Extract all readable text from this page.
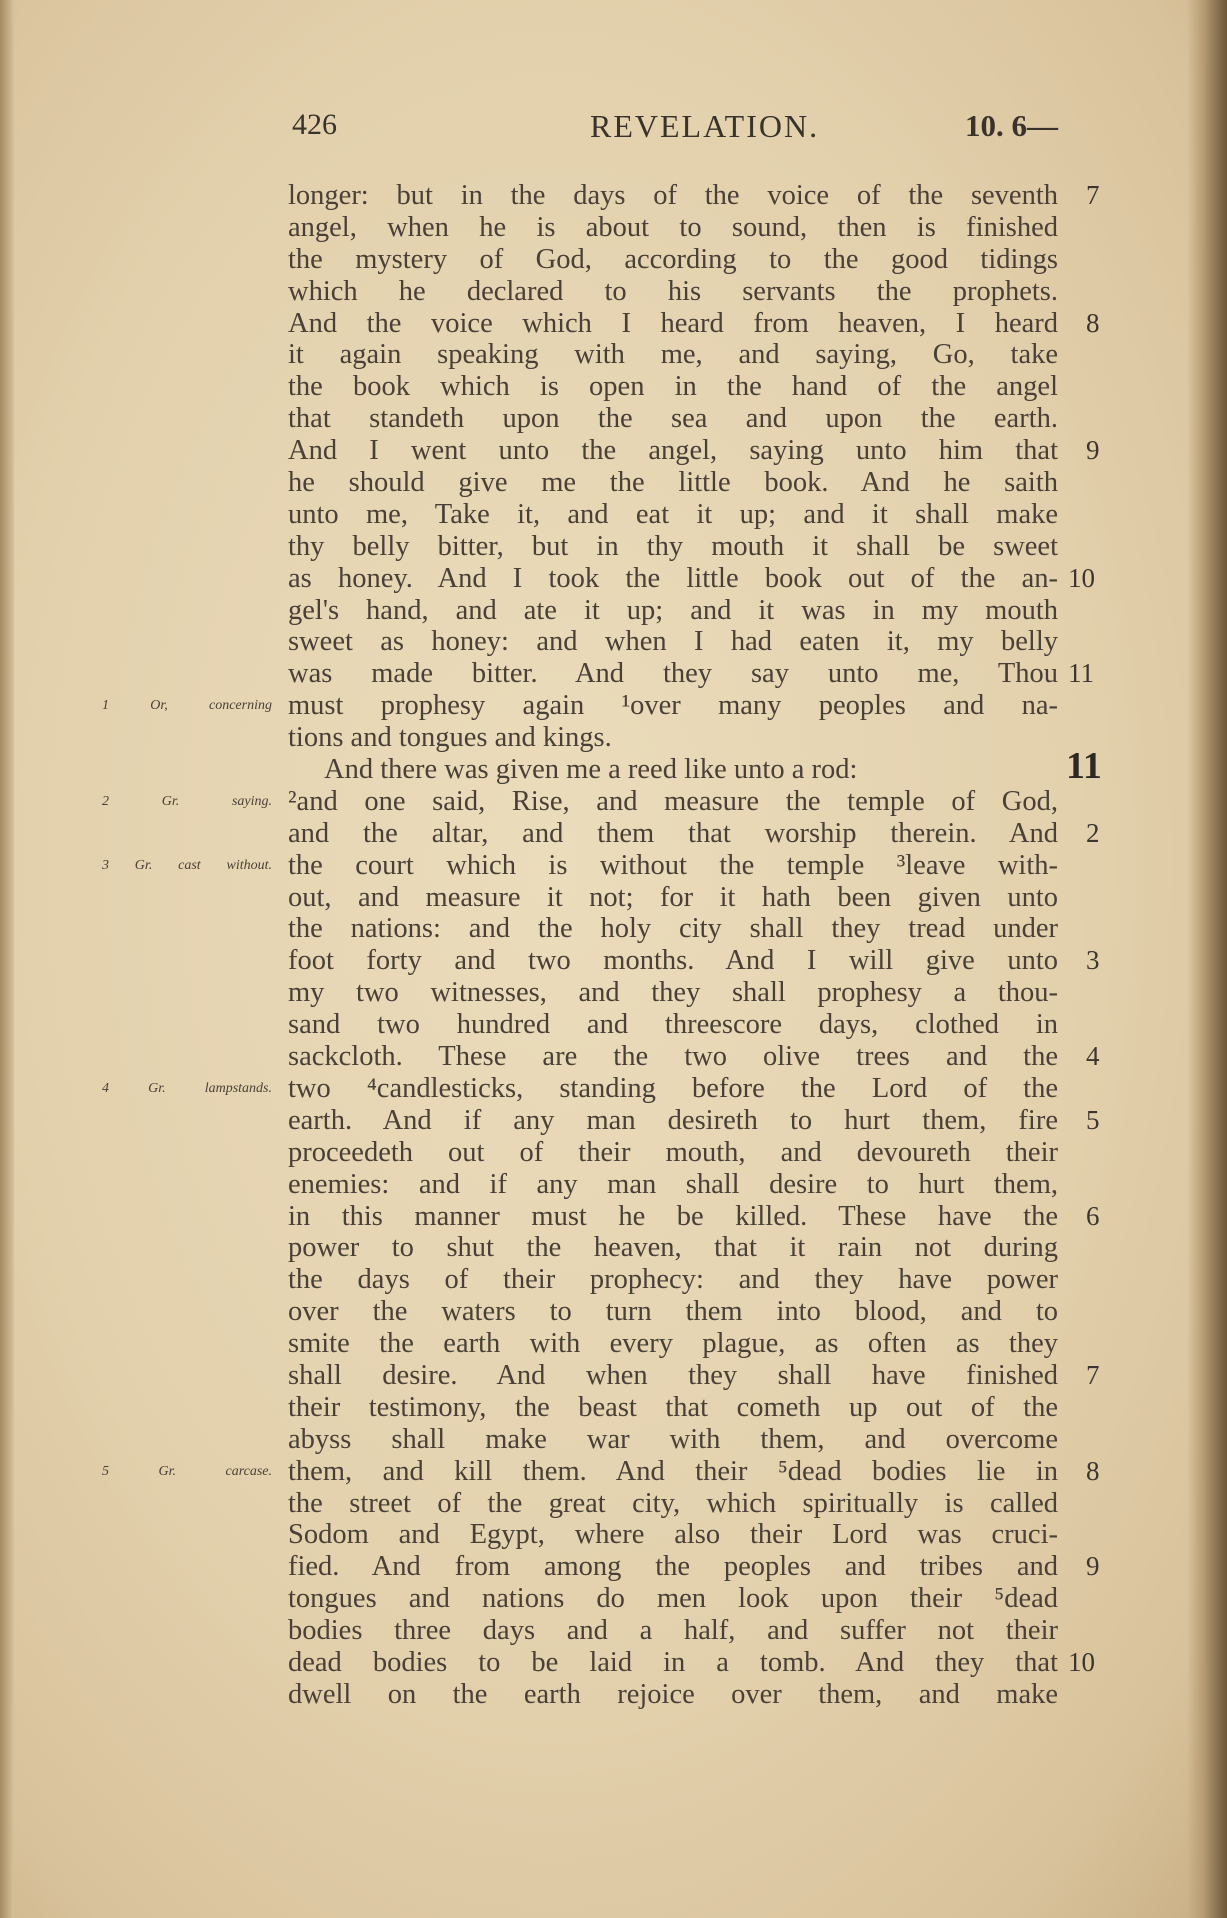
426	REVELATION.	10. 6—
longer: but in the days of the voice of the seventh 7
angel, when he is about to sound, then is finished
the mystery of God, according to the good tidings
which he declared to his servants the prophets.
And the voice which I heard from heaven, I heard 8
it again speaking with me, and saying, Go, take
the book which is open in the hand of the angel
that standeth upon the sea and upon the earth.
And I went unto the angel, saying unto him that 9
he should give me the little book. And he saith
unto me, Take it, and eat it up; and it shall make
thy belly bitter, but in thy mouth it shall be sweet
as honey. And I took the little book out of the an- 10
gel's hand, and ate it up; and it was in my mouth
sweet as honey: and when I had eaten it, my belly
was made bitter. And they say unto me, Thou 11
must prophesy again ¹over many peoples and na-
1 Or, concerning
tions and tongues and kings.
And there was given me a reed like unto a rod:	11
²and one said, Rise, and measure the temple of God,
2 Gr. saying.
and the altar, and them that worship therein. And 2
the court which is without the temple ³leave with-
3 Gr. cast without.
out, and measure it not; for it hath been given unto
the nations: and the holy city shall they tread under
foot forty and two months. And I will give unto 3
my two witnesses, and they shall prophesy a thou-
sand two hundred and threescore days, clothed in
sackcloth. These are the two olive trees and the 4
two ⁴candlesticks, standing before the Lord of the
4 Gr. lampstands.
earth. And if any man desireth to hurt them, fire 5
proceedeth out of their mouth, and devoureth their
enemies: and if any man shall desire to hurt them,
in this manner must he be killed. These have the 6
power to shut the heaven, that it rain not during
the days of their prophecy: and they have power
over the waters to turn them into blood, and to
smite the earth with every plague, as often as they
shall desire. And when they shall have finished 7
their testimony, the beast that cometh up out of the
abyss shall make war with them, and overcome
them, and kill them. And their ⁵dead bodies lie in 8
5 Gr. carcase.
the street of the great city, which spiritually is called
Sodom and Egypt, where also their Lord was cruci-
fied. And from among the peoples and tribes and 9
tongues and nations do men look upon their ⁵dead
bodies three days and a half, and suffer not their
dead bodies to be laid in a tomb. And they that 10
dwell on the earth rejoice over them, and make
